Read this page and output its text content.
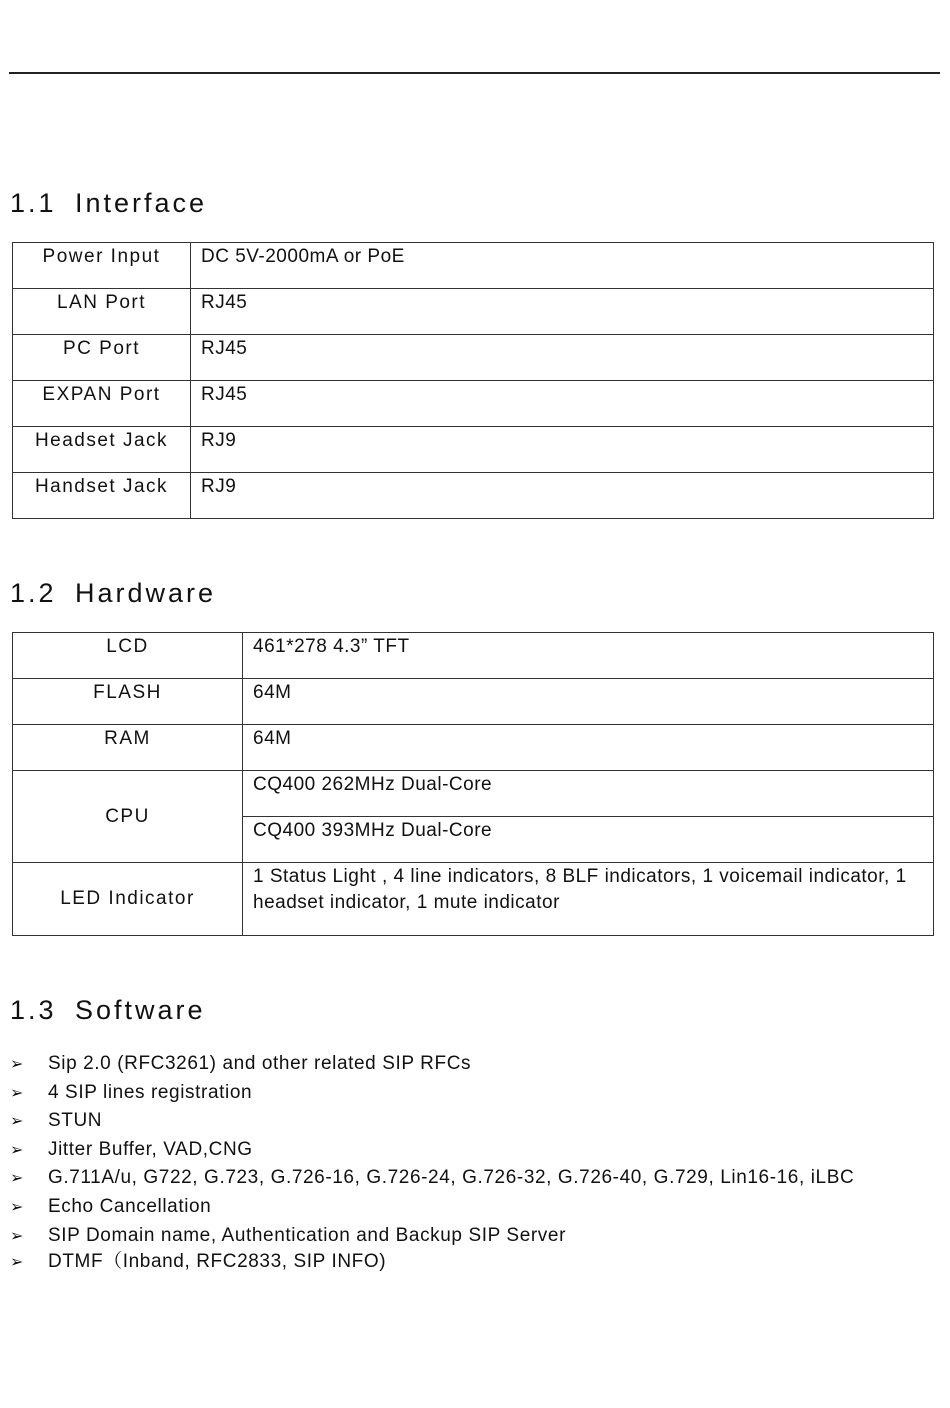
1.1 Interface
Power Input	DC 5V-2000mA or PoE
LAN Port	RJ45
PC Port	RJ45
EXPAN Port	RJ45
Headset Jack	RJ9
Handset Jack	RJ9
1.2 Hardware
LCD	461*278 4.3” TFT
FLASH	64M
RAM	64M
CPU	CQ400 262MHz Dual-Core
	CQ400 393MHz Dual-Core
LED Indicator	1 Status Light , 4 line indicators, 8 BLF indicators, 1 voicemail indicator, 1 headset indicator, 1 mute indicator
1.3 Software
➢ Sip 2.0 (RFC3261) and other related SIP RFCs
➢ 4 SIP lines registration
➢ STUN
➢ Jitter Buffer, VAD,CNG
➢ G.711A/u, G722, G.723, G.726-16, G.726-24, G.726-32, G.726-40, G.729, Lin16-16, iLBC
➢ Echo Cancellation
➢ SIP Domain name, Authentication and Backup SIP Server
➢ DTMF（Inband, RFC2833, SIP INFO)
